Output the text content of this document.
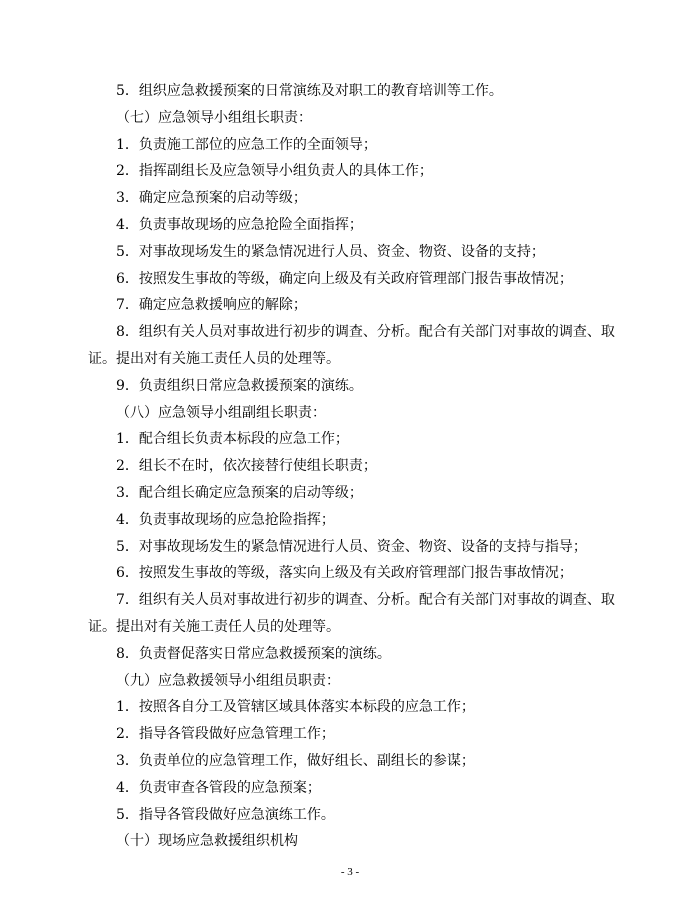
5．组织应急救援预案的日常演练及对职工的教育培训等工作。

（七）应急领导小组组长职责：

1．负责施工部位的应急工作的全面领导；

2．指挥副组长及应急领导小组负责人的具体工作；

3．确定应急预案的启动等级；

4．负责事故现场的应急抢险全面指挥；

5．对事故现场发生的紧急情况进行人员、资金、物资、设备的支持；

6．按照发生事故的等级，确定向上级及有关政府管理部门报告事故情况；

7．确定应急救援响应的解除；

8．组织有关人员对事故进行初步的调查、分析。配合有关部门对事故的调查、取证。提出对有关施工责任人员的处理等。

9．负责组织日常应急救援预案的演练。

（八）应急领导小组副组长职责：

1．配合组长负责本标段的应急工作；

2．组长不在时，依次接替行使组长职责；

3．配合组长确定应急预案的启动等级；

4．负责事故现场的应急抢险指挥；

5．对事故现场发生的紧急情况进行人员、资金、物资、设备的支持与指导；

6．按照发生事故的等级，落实向上级及有关政府管理部门报告事故情况；

7．组织有关人员对事故进行初步的调查、分析。配合有关部门对事故的调查、取证。提出对有关施工责任人员的处理等。

8．负责督促落实日常应急救援预案的演练。

（九）应急救援领导小组组员职责：

1．按照各自分工及管辖区域具体落实本标段的应急工作；

2．指导各管段做好应急管理工作；

3．负责单位的应急管理工作，做好组长、副组长的参谋；

4．负责审查各管段的应急预案；

5．指导各管段做好应急演练工作。

（十）现场应急救援组织机构

- 3 -
